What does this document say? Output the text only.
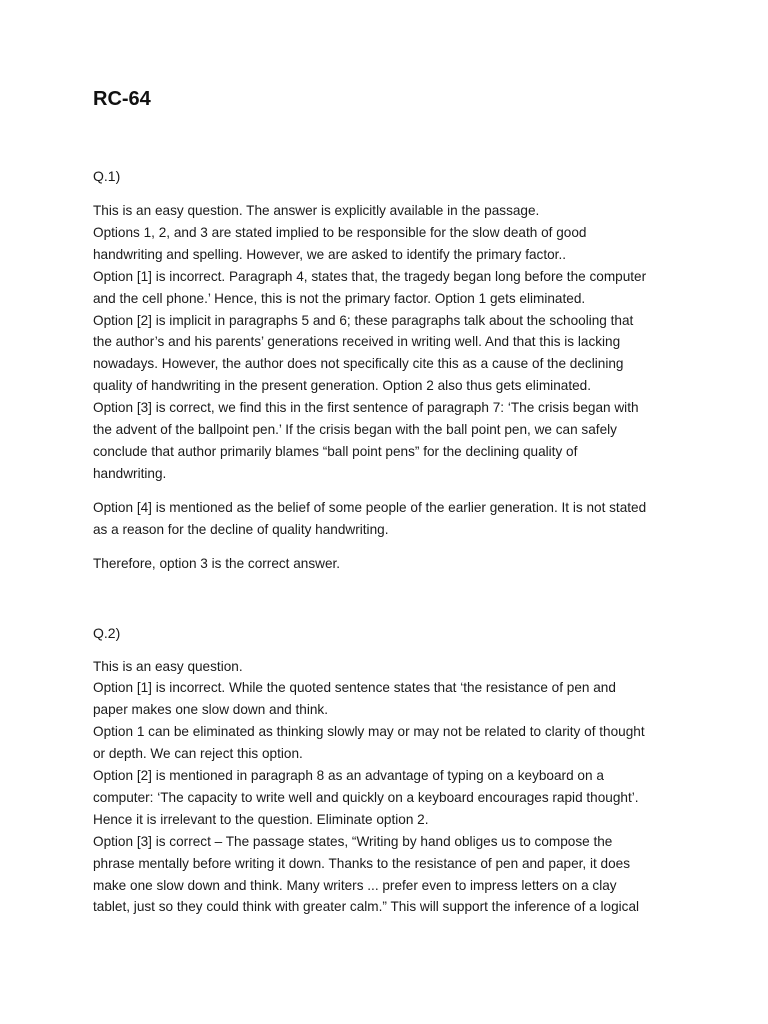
RC-64

Q.1)

This is an easy question. The answer is explicitly available in the passage.

Options 1, 2, and 3 are stated implied to be responsible for the slow death of good

handwriting and spelling. However, we are asked to identify the primary factor..

Option [1] is incorrect. Paragraph 4, states that, the tragedy began long before the computer

and the cell phone.’ Hence, this is not the primary factor. Option 1 gets eliminated.

Option [2] is implicit in paragraphs 5 and 6; these paragraphs talk about the schooling that

the author’s and his parents’ generations received in writing well. And that this is lacking

nowadays. However, the author does not specifically cite this as a cause of the declining

quality of handwriting in the present generation. Option 2 also thus gets eliminated.

Option [3] is correct, we find this in the first sentence of paragraph 7: ‘The crisis began with

the advent of the ballpoint pen.’ If the crisis began with the ball point pen, we can safely

conclude that author primarily blames “ball point pens” for the declining quality of

handwriting.

Option [4] is mentioned as the belief of some people of the earlier generation. It is not stated

as a reason for the decline of quality handwriting.

Therefore, option 3 is the correct answer.

Q.2)

This is an easy question.

Option [1] is incorrect. While the quoted sentence states that ‘the resistance of pen and

paper makes one slow down and think.

Option 1 can be eliminated as thinking slowly may or may not be related to clarity of thought

or depth. We can reject this option.

Option [2] is mentioned in paragraph 8 as an advantage of typing on a keyboard on a

computer: ‘The capacity to write well and quickly on a keyboard encourages rapid thought’.

Hence it is irrelevant to the question. Eliminate option 2.

Option [3] is correct – The passage states, “Writing by hand obliges us to compose the

phrase mentally before writing it down. Thanks to the resistance of pen and paper, it does

make one slow down and think. Many writers ... prefer even to impress letters on a clay

tablet, just so they could think with greater calm.” This will support the inference of a logical
